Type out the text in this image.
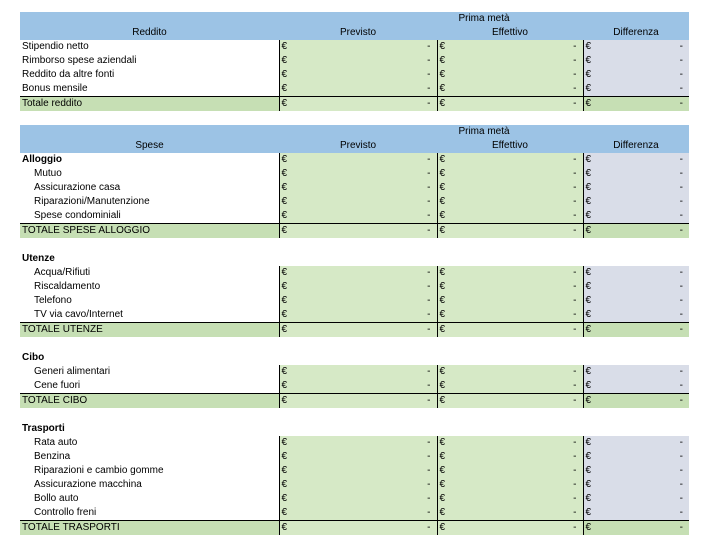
	Prima metà					
Reddito	Previsto		Effettivo		Differenza	
Stipendio netto	€	-	€	-	€	-
Rimborso spese aziendali	€	-	€	-	€	-
Reddito da altre fonti	€	-	€	-	€	-
Bonus mensile	€	-	€	-	€	-
Totale reddito	€	-	€	-	€	-
	Prima metà					
Spese	Previsto		Effettivo		Differenza	
Alloggio	€	-	€	-	€	-
Mutuo	€	-	€	-	€	-
Assicurazione casa	€	-	€	-	€	-
Riparazioni/Manutenzione	€	-	€	-	€	-
Spese condominiali	€	-	€	-	€	-
TOTALE SPESE ALLOGGIO	€	-	€	-	€	-

Utenze						
Acqua/Rifiuti	€	-	€	-	€	-
Riscaldamento	€	-	€	-	€	-
Telefono	€	-	€	-	€	-
TV via cavo/Internet	€	-	€	-	€	-
TOTALE UTENZE	€	-	€	-	€	-

Cibo						
Generi alimentari	€	-	€	-	€	-
Cene fuori	€	-	€	-	€	-
TOTALE CIBO	€	-	€	-	€	-

Trasporti						
Rata auto	€	-	€	-	€	-
Benzina	€	-	€	-	€	-
Riparazioni e cambio gomme	€	-	€	-	€	-
Assicurazione macchina	€	-	€	-	€	-
Bollo auto	€	-	€	-	€	-
Controllo freni	€	-	€	-	€	-
TOTALE TRASPORTI	€	-	€	-	€	-
